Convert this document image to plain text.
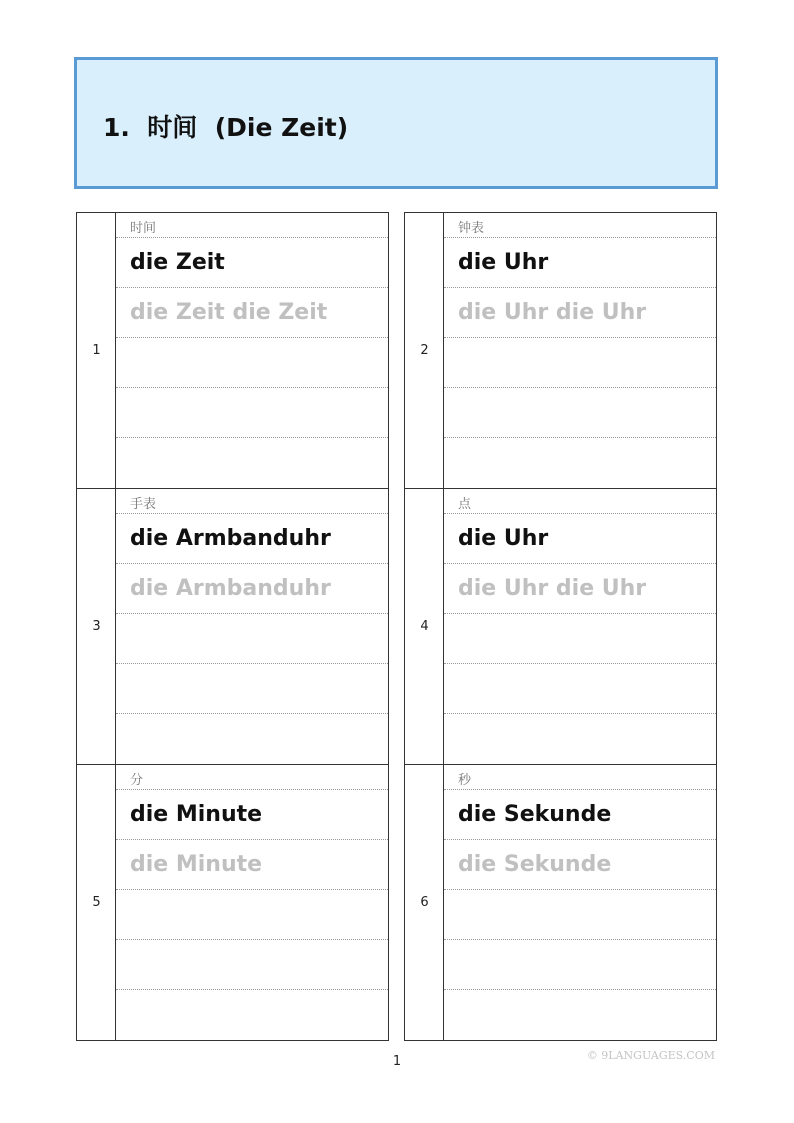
1.  时间  (Die Zeit)
1
时间
die Zeit
die Zeit die Zeit
2
钟表
die Uhr
die Uhr die Uhr
3
手表
die Armbanduhr
die Armbanduhr
4
点
die Uhr
die Uhr die Uhr
5
分
die Minute
die Minute
6
秒
die Sekunde
die Sekunde
1	© 9LANGUAGES.COM
